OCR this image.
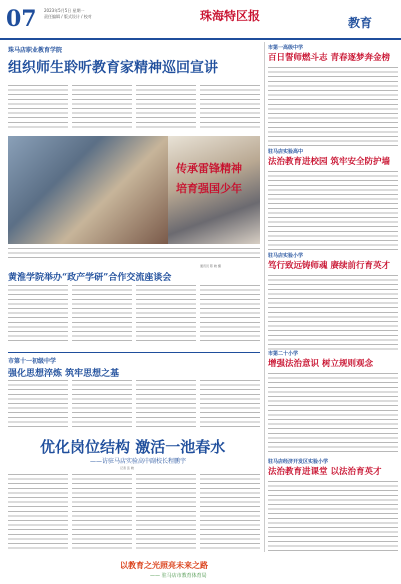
07 2023年5月5日 星期一
责任编辑 / 版式设计 / 校对	珠海特区报	教育
珠马店职业教育学院
组织师生聆听教育家精神巡回宣讲
传承雷锋精神
培育强国少年
通讯员 陈 晓 摄
黄淮学院举办“政产学研”合作交流座谈会
市第十一初级中学
强化思想淬炼 筑牢思想之基
优化岗位结构 激活一池春水
——访驻马店实验高中副校长程鹏宇
记者 张 晓
市第一高级中学
百日誓师燃斗志 青春逐梦奔金榜
驻马店实验高中
法治教育进校园 筑牢安全防护墙
驻马店实验小学
笃行致远铸师魂 赓续前行育英才
市第二十小学
增强法治意识 树立规则观念
驻马店经济开发区实验小学
法治教育进课堂 以法治育英才
以教育之光照亮未来之路
—— 驻马店市教育体育局
